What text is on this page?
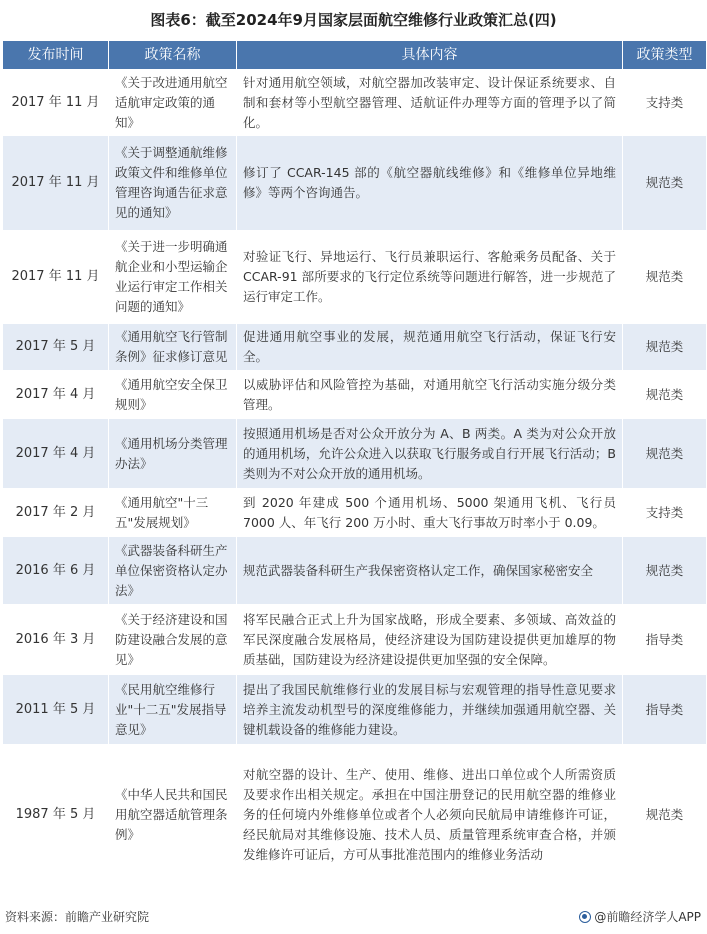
图表6：截至2024年9月国家层面航空维修行业政策汇总(四)
发布时间	政策名称	具体内容	政策类型
2017 年 11 月	《关于改进通用航空适航审定政策的通知》	针对通用航空领域，对航空器加改装审定、设计保证系统要求、自制和套材等小型航空器管理、适航证件办理等方面的管理予以了简化。	支持类
2017 年 11 月	《关于调整通航维修政策文件和维修单位管理咨询通告征求意见的通知》	修订了 CCAR-145 部的《航空器航线维修》和《维修单位异地维修》等两个咨询通告。	规范类
2017 年 11 月	《关于进一步明确通航企业和小型运输企业运行审定工作相关问题的通知》	对验证飞行、异地运行、飞行员兼职运行、客舱乘务员配备、关于 CCAR-91 部所要求的飞行定位系统等问题进行解答，进一步规范了运行审定工作。	规范类
2017 年 5 月	《通用航空飞行管制条例》征求修订意见	促进通用航空事业的发展，规范通用航空飞行活动，保证飞行安全。	规范类
2017 年 4 月	《通用航空安全保卫规则》	以威胁评估和风险管控为基础，对通用航空飞行活动实施分级分类管理。	规范类
2017 年 4 月	《通用机场分类管理办法》	按照通用机场是否对公众开放分为 A、B 两类。A 类为对公众开放的通用机场，允许公众进入以获取飞行服务或自行开展飞行活动；B 类则为不对公众开放的通用机场。	规范类
2017 年 2 月	《通用航空"十三五"发展规划》	到 2020 年建成 500 个通用机场、5000 架通用飞机、飞行员 7000 人、年飞行 200 万小时、重大飞行事故万时率小于 0.09。	支持类
2016 年 6 月	《武器装备科研生产单位保密资格认定办法》	规范武器装备科研生产我保密资格认定工作，确保国家秘密安全	规范类
2016 年 3 月	《关于经济建设和国防建设融合发展的意见》	将军民融合正式上升为国家战略，形成全要素、多领域、高效益的军民深度融合发展格局，使经济建设为国防建设提供更加雄厚的物质基础，国防建设为经济建设提供更加坚强的安全保障。	指导类
2011 年 5 月	《民用航空维修行业"十二五"发展指导意见》	提出了我国民航维修行业的发展目标与宏观管理的指导性意见要求培养主流发动机型号的深度维修能力，并继续加强通用航空器、关键机载设备的维修能力建设。	指导类
1987 年 5 月	《中华人民共和国民用航空器适航管理条例》	对航空器的设计、生产、使用、维修、进出口单位或个人所需资质及要求作出相关规定。承担在中国注册登记的民用航空器的维修业务的任何境内外维修单位或者个人必须向民航局申请维修许可证，经民航局对其维修设施、技术人员、质量管理系统审查合格，并颁发维修许可证后，方可从事批准范围内的维修业务活动	规范类
资料来源：前瞻产业研究院	@前瞻经济学人APP
